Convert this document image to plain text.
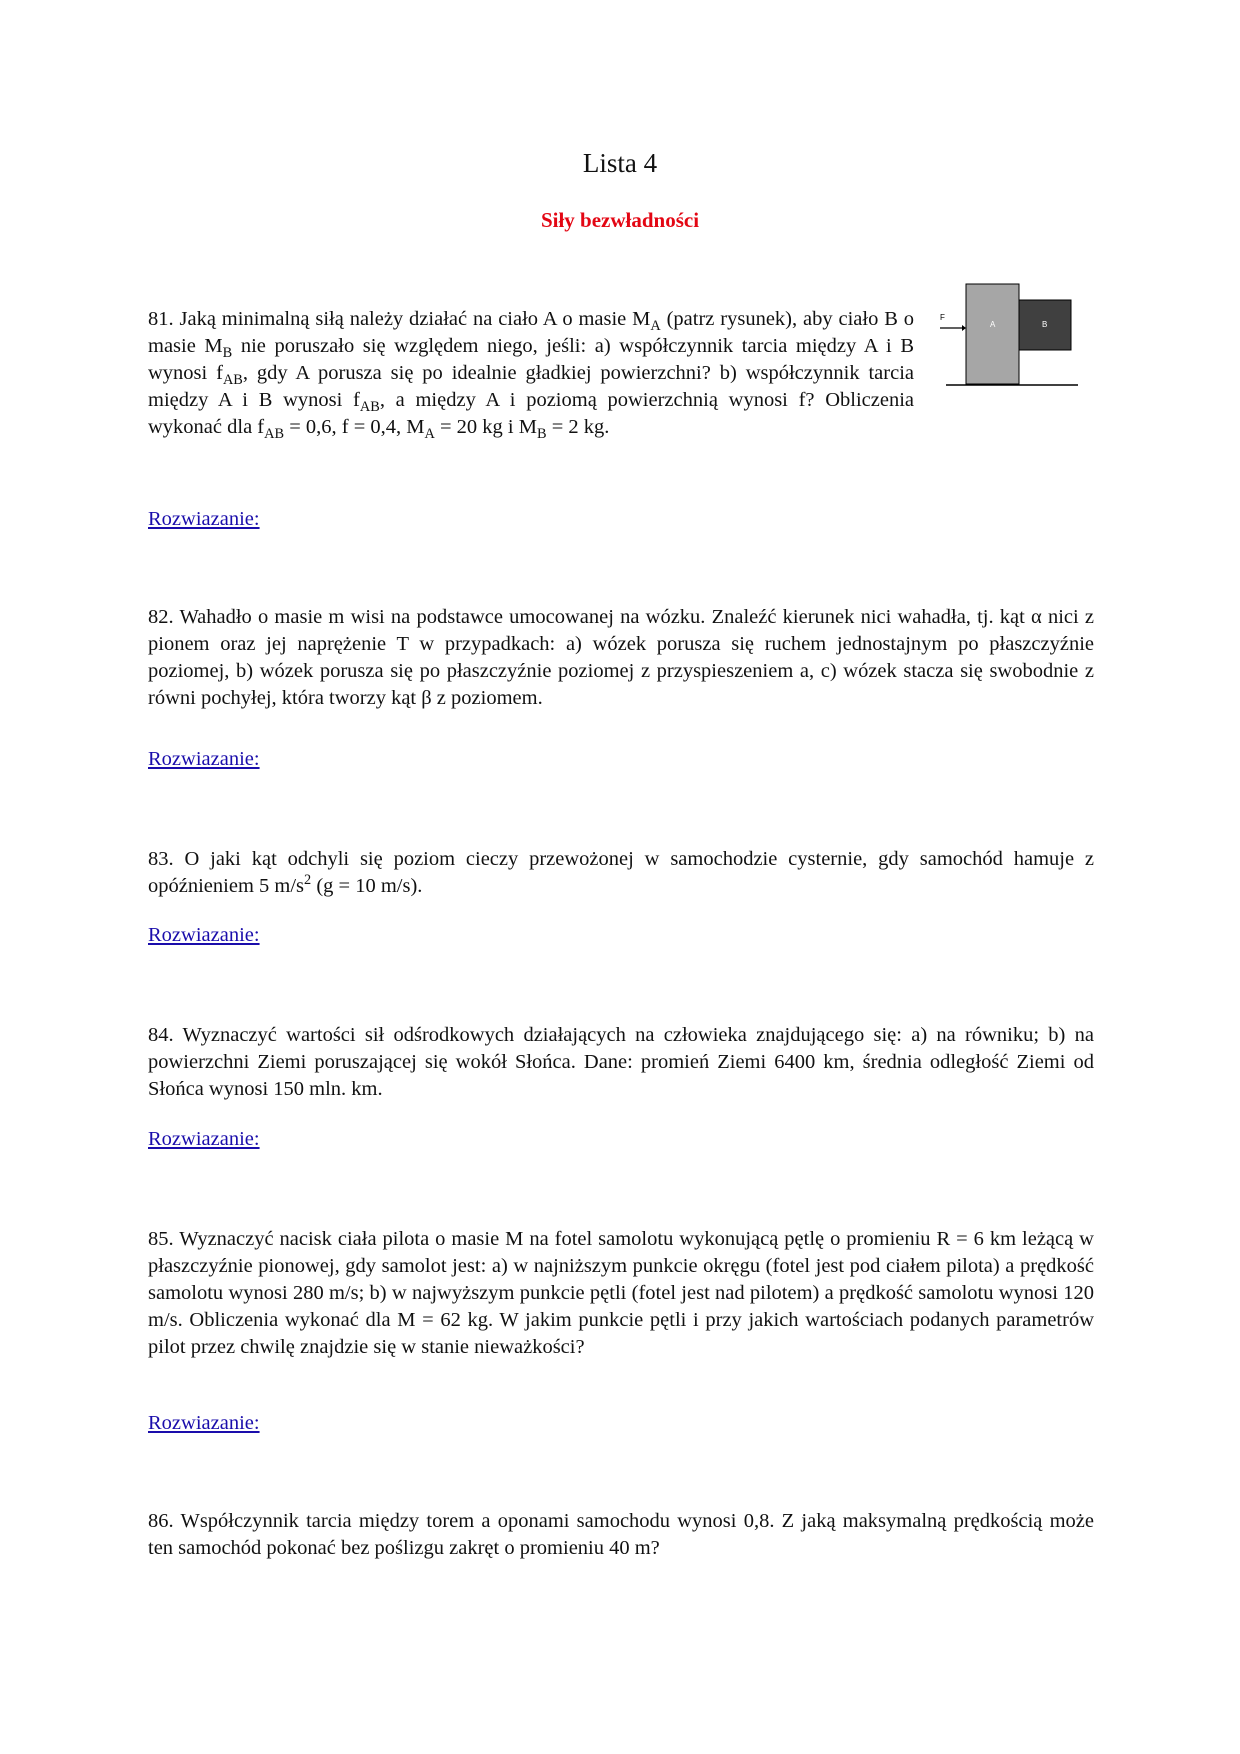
Lista 4
Siły bezwładności

81. Jaką minimalną siłą należy działać na ciało A o masie $M_A$ (patrz rysunek), aby ciało B o masie $M_B$ nie poruszało się względem niego, jeśli: a) współczynnik tarcia między A i B wynosi $f_{AB}$, gdy A porusza się po idealnie gładkiej powierzchni? b) współczynnik tarcia między A i B wynosi $f_{AB}$, a między A i poziomą powierzchnią wynosi f? Obliczenia wykonać dla $f_{AB} = 0,6$, f = 0,4, $M_A = 20$ kg i $M_B = 2$ kg.

F
A	B
Rozwiazanie:

82. Wahadło o masie m wisi na podstawce umocowanej na wózku. Znaleźć kierunek nici wahadła, tj. kąt α nici z pionem oraz jej naprężenie T w przypadkach: a) wózek porusza się ruchem jednostajnym po płaszczyźnie poziomej, b) wózek porusza się po płaszczyźnie poziomej z przyspieszeniem a, c) wózek stacza się swobodnie z równi pochyłej, która tworzy kąt β z poziomem.

Rozwiazanie:

83. O jaki kąt odchyli się poziom cieczy przewożonej w samochodzie cysternie, gdy samochód hamuje z opóźnieniem 5 $m/s^2$ (g = 10 m/s).

Rozwiazanie:

84. Wyznaczyć wartości sił odśrodkowych działających na człowieka znajdującego się: a) na równiku; b) na powierzchni Ziemi poruszającej się wokół Słońca. Dane: promień Ziemi 6400 km, średnia odległość Ziemi od Słońca wynosi 150 mln. km.

Rozwiazanie:

85. Wyznaczyć nacisk ciała pilota o masie M na fotel samolotu wykonującą pętlę o promieniu R = 6 km leżącą w płaszczyźnie pionowej, gdy samolot jest: a) w najniższym punkcie okręgu (fotel jest pod ciałem pilota) a prędkość samolotu wynosi 280 m/s; b) w najwyższym punkcie pętli (fotel jest nad pilotem) a prędkość samolotu wynosi 120 m/s. Obliczenia wykonać dla M = 62 kg. W jakim punkcie pętli i przy jakich wartościach podanych parametrów pilot przez chwilę znajdzie się w stanie nieważkości?

Rozwiazanie:

86. Współczynnik tarcia między torem a oponami samochodu wynosi 0,8. Z jaką maksymalną prędkością może ten samochód pokonać bez poślizgu zakręt o promieniu 40 m?
